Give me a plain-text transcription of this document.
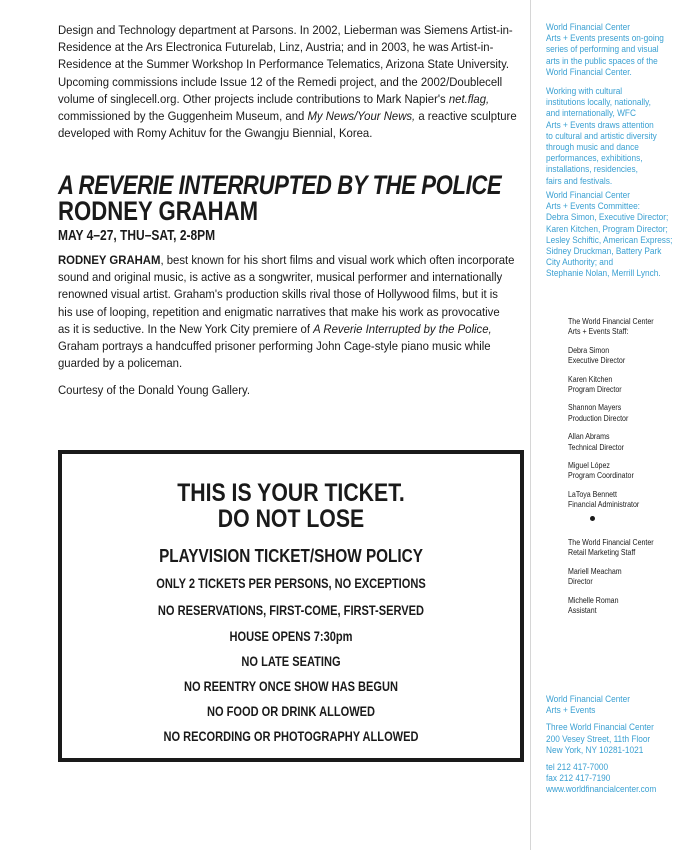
Design and Technology department at Parsons. In 2002, Lieberman was Siemens Artist-in-

Residence at the Ars Electronica Futurelab, Linz, Austria; and in 2003, he was Artist-in-

Residence at the Summer Workshop In Performance Telematics, Arizona State University.

Upcoming commissions include Issue 12 of the Remedi project, and the 2002/Doublecell

volume of singlecell.org. Other projects include contributions to Mark Napier's net.flag,

commissioned by the Guggenheim Museum, and My News/Your News, a reactive sculpture

developed with Romy Achituv for the Gwangju Biennial, Korea.

A REVERIE INTERRUPTED BY THE POLICE
RODNEY GRAHAM
MAY 4–27, THU–SAT, 2-8PM

RODNEY GRAHAM, best known for his short films and visual work which often incorporate

sound and original music, is active as a songwriter, musical performer and internationally

renowned visual artist. Graham's production skills rival those of Hollywood films, but it is

his use of looping, repetition and enigmatic narratives that make his work as provocative

as it is seductive. In the New York City premiere of A Reverie Interrupted by the Police,

Graham portrays a handcuffed prisoner performing John Cage-style piano music while

guarded by a policeman.

Courtesy of the Donald Young Gallery.

THIS IS YOUR TICKET.
DO NOT LOSE
PLAYVISION TICKET/SHOW POLICY
ONLY 2 TICKETS PER PERSONS, NO EXCEPTIONS
NO RESERVATIONS, FIRST-COME, FIRST-SERVED
HOUSE OPENS 7:30pm
NO LATE SEATING
NO REENTRY ONCE SHOW HAS BEGUN
NO FOOD OR DRINK ALLOWED
NO RECORDING OR PHOTOGRAPHY ALLOWED

World Financial Center

Arts + Events presents on-going

series of performing and visual

arts in the public spaces of the

World Financial Center.

Working with cultural

institutions locally, nationally,

and internationally, WFC

Arts + Events draws attention

to cultural and artistic diversity

through music and dance

performances, exhibitions,

installations, residencies,

fairs and festivals.

World Financial Center

Arts + Events Committee:

Debra Simon, Executive Director;

Karen Kitchen, Program Director;

Lesley Schiftic, American Express;

Sidney Druckman, Battery Park

City Authority; and

Stephanie Nolan, Merrill Lynch.

The World Financial Center

Arts + Events Staff:

Debra Simon

Executive Director

Karen Kitchen

Program Director

Shannon Mayers

Production Director

Allan Abrams

Technical Director

Miguel López

Program Coordinator

LaToya Bennett

Financial Administrator

The World Financial Center

Retail Marketing Staff

Mariell Meacham

Director

Michelle Roman

Assistant

World Financial Center

Arts + Events

Three World Financial Center

200 Vesey Street, 11th Floor

New York, NY 10281-1021

tel 212 417-7000

fax 212 417-7190

www.worldfinancialcenter.com
